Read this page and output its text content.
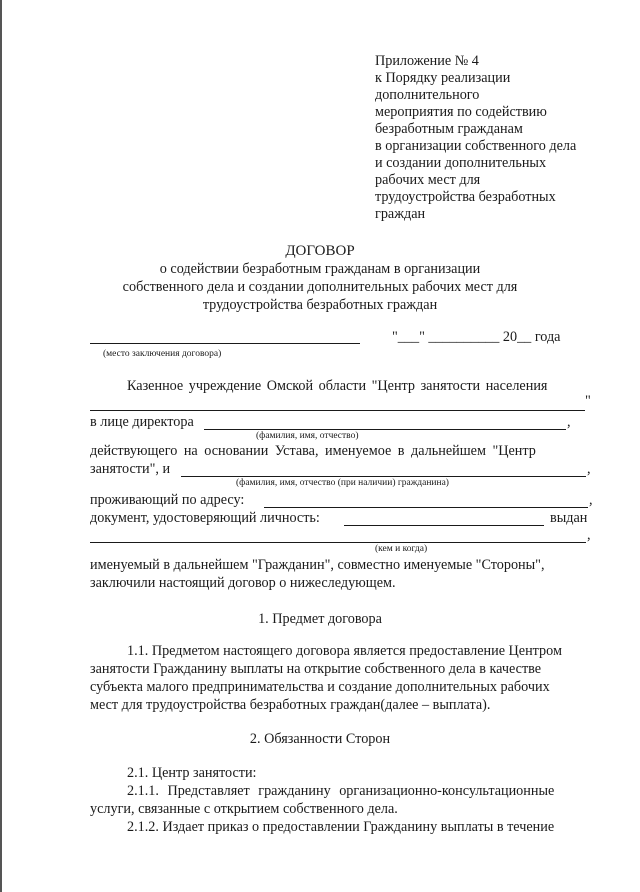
Приложение № 4
к Порядку реализации
дополнительного
мероприятия по содействию
безработным гражданам
в организации собственного дела
и создании дополнительных
рабочих мест для
трудоустройства безработных
граждан
ДОГОВОР
о содействии безработным гражданам в организации
собственного дела и создании дополнительных рабочих мест для
трудоустройства безработных граждан
(место заключения договора)
"___" __________ 20__ года
Казенное учреждение Омской области "Центр занятости населения
"
в лице директора	,
(фамилия, имя, отчество)
действующего на основании Устава, именуемое в дальнейшем "Центр
занятости", и	,
(фамилия, имя, отчество (при наличии) гражданина)
проживающий по адресу:	,
документ, удостоверяющий личность:	выдан
,
(кем и когда)
именуемый в дальнейшем "Гражданин", совместно именуемые "Стороны",
заключили настоящий договор о нижеследующем.
1. Предмет договора
1.1. Предметом настоящего договора является предоставление Центром
занятости Гражданину выплаты на открытие собственного дела в качестве
субъекта малого предпринимательства и создание дополнительных рабочих
мест для трудоустройства безработных граждан(далее – выплата).
2. Обязанности Сторон
2.1. Центр занятости:
2.1.1. Представляет гражданину организационно-консультационные
услуги, связанные с открытием собственного дела.
2.1.2. Издает приказ о предоставлении Гражданину выплаты в течение
